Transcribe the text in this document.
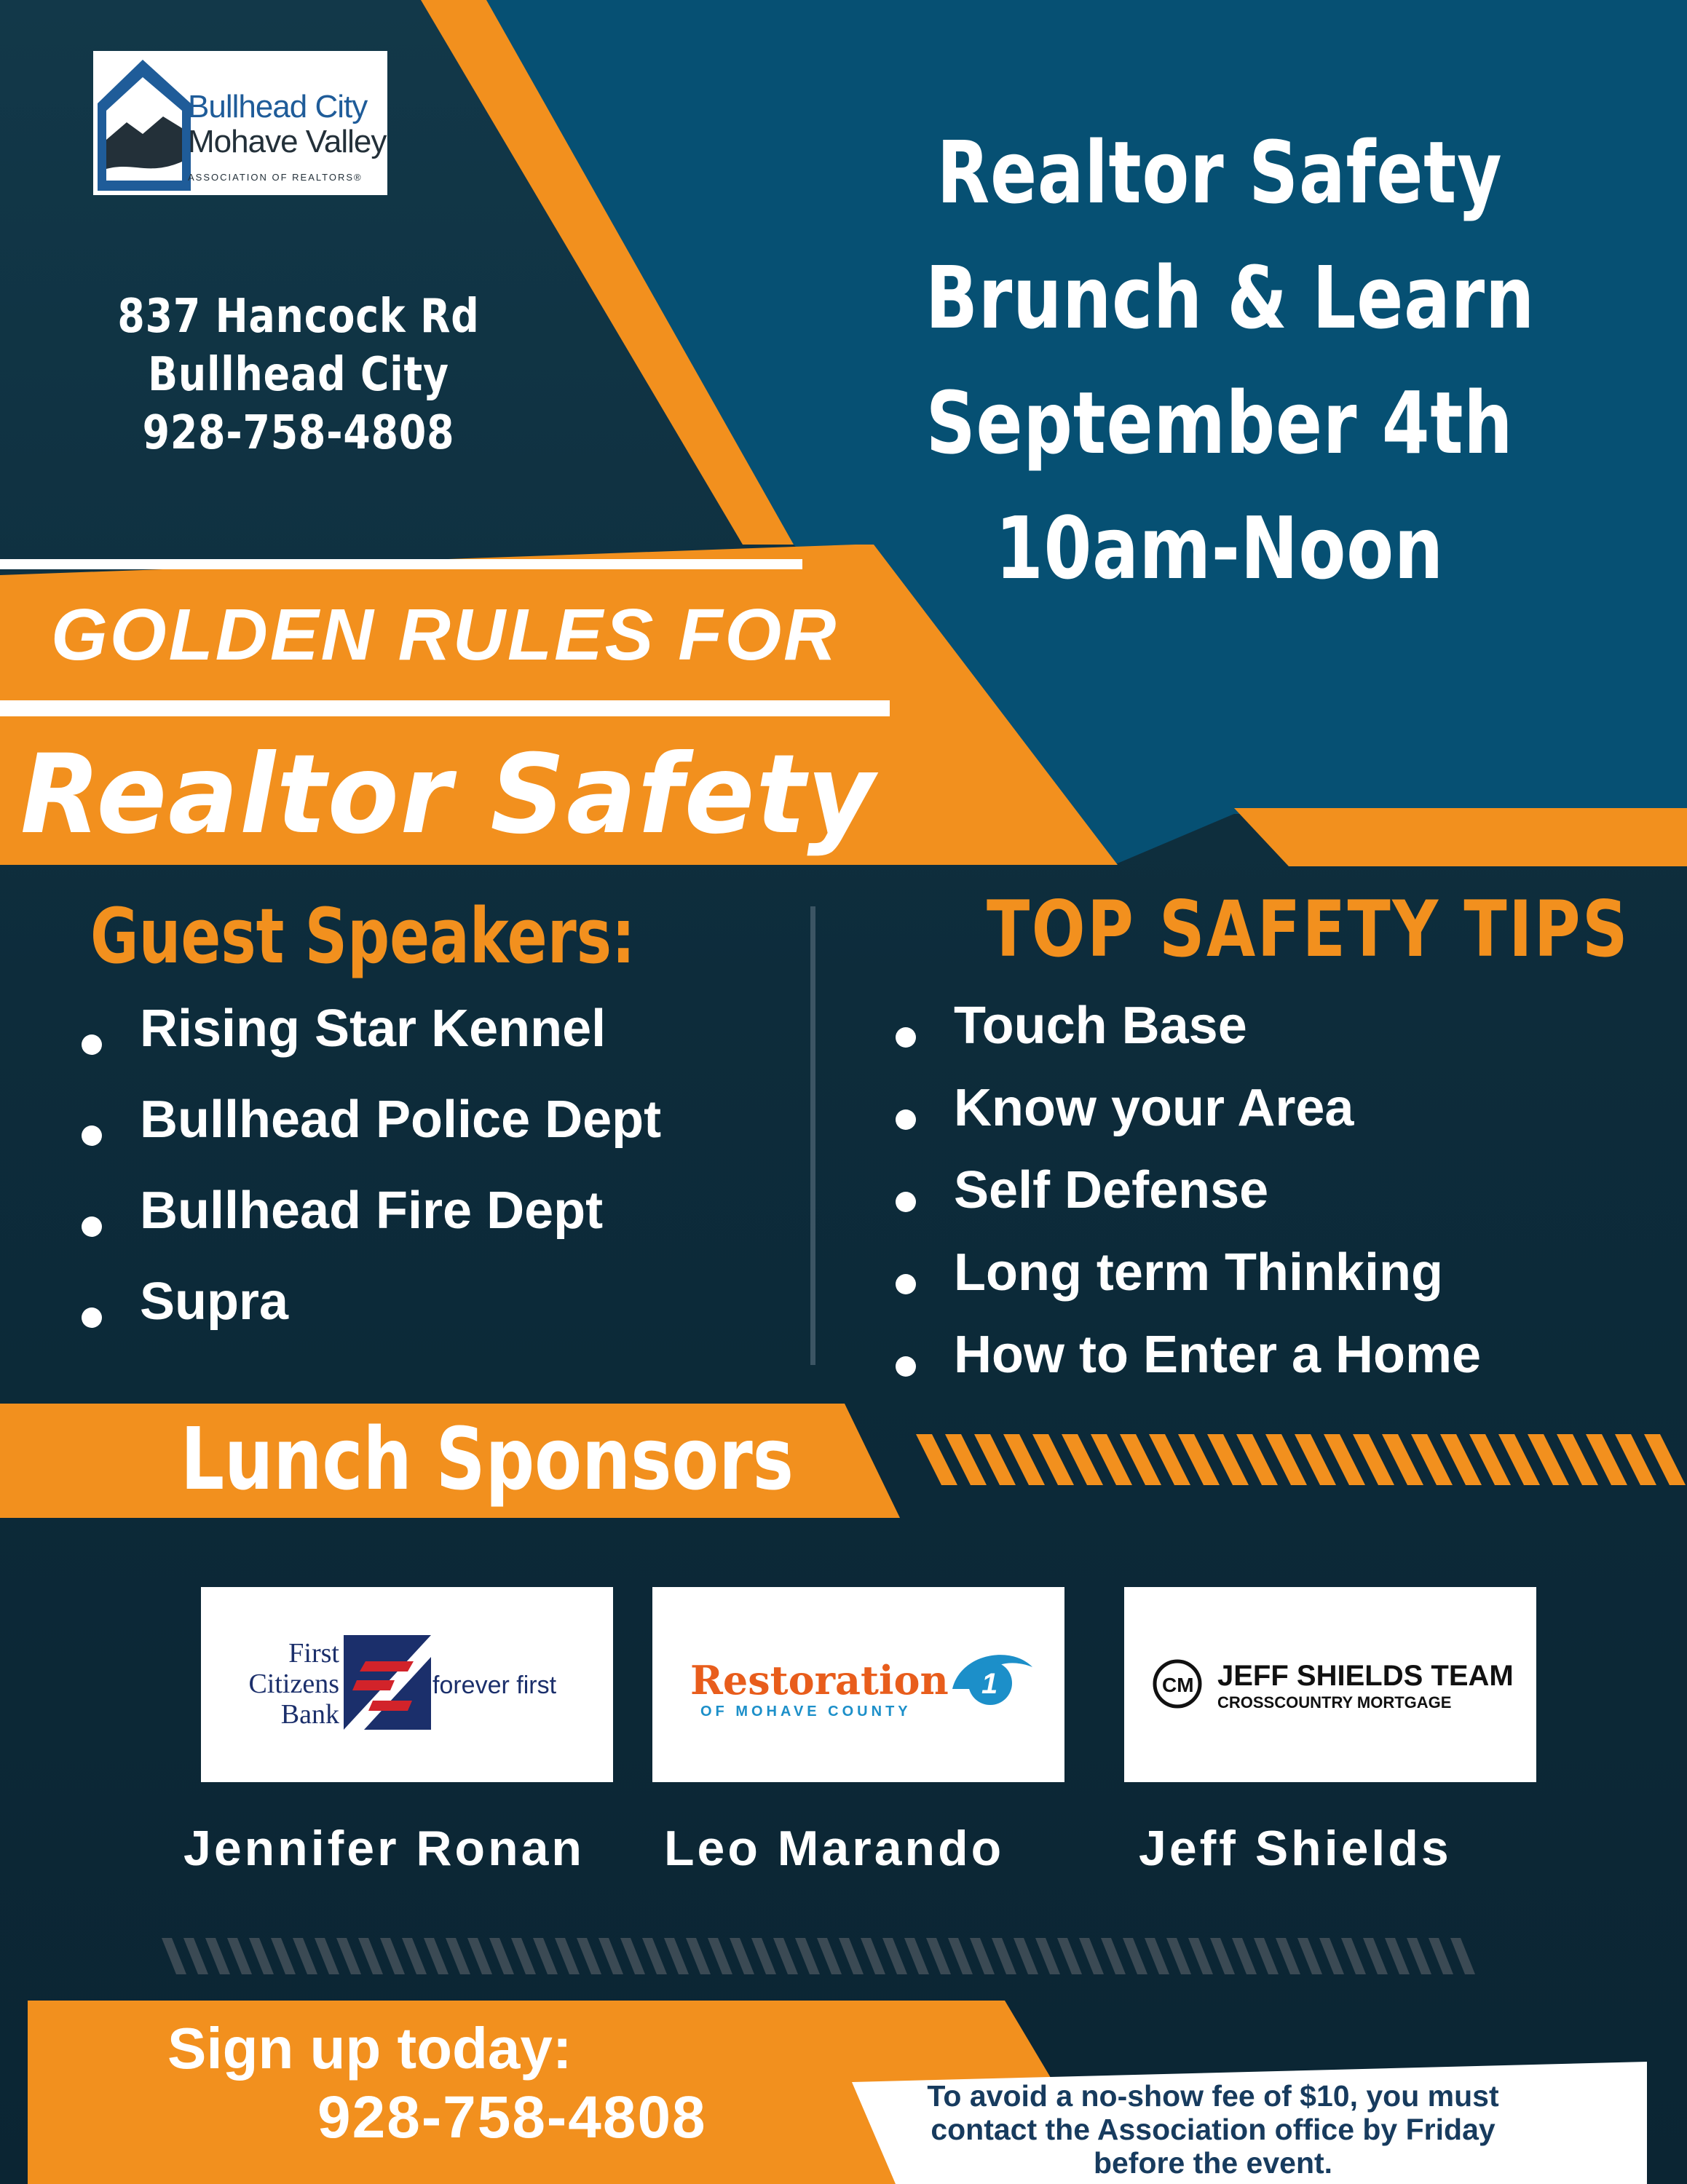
Bullhead City
Mohave Valley
ASSOCIATION OF REALTORS®
837 Hancock Rd
Bullhead City
928-758-4808
Realtor Safety
Brunch & Learn
September 4th
10am-Noon
GOLDEN RULES FOR
Realtor Safety
Guest Speakers:
Rising Star Kennel
Bullhead Police Dept
Bullhead Fire Dept
Supra
TOP SAFETY TIPS
Touch Base
Know your Area
Self Defense
Long term Thinking
How to Enter a Home
Lunch Sponsors
First
Citizens
Bank
forever first	Restoration
OF MOHAVE COUNTY
1	CM JEFF SHIELDS TEAM
CROSSCOUNTRY MORTGAGE
Jennifer Ronan Leo Marando	Jeff Shields
Sign up today:
928-758-4808	To avoid a no-show fee of $10, you must
contact the Association office by Friday
before the event.
